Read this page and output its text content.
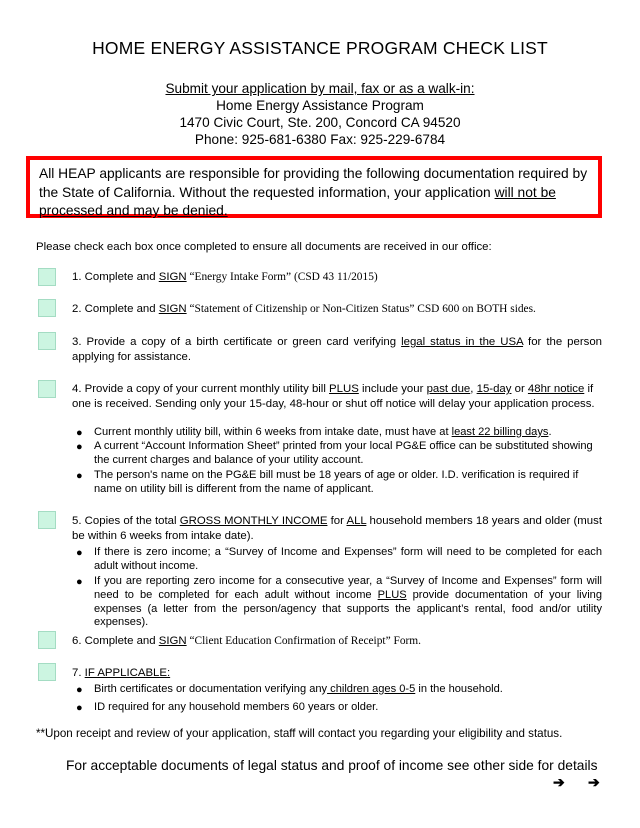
HOME ENERGY ASSISTANCE PROGRAM CHECK LIST
Submit your application by mail, fax or as a walk-in:
Home Energy Assistance Program
1470 Civic Court, Ste. 200, Concord CA 94520
Phone: 925-681-6380 Fax: 925-229-6784
All HEAP applicants are responsible for providing the following documentation required by the State of California. Without the requested information, your application will not be processed and may be denied.
Please check each box once completed to ensure all documents are received in our office:
1. Complete and SIGN “Energy Intake Form” (CSD 43 11/2015)
2. Complete and SIGN “Statement of Citizenship or Non-Citizen Status” CSD 600 on BOTH sides.
3. Provide a copy of a birth certificate or green card verifying legal status in the USA for the person applying for assistance.
4. Provide a copy of your current monthly utility bill PLUS include your past due, 15-day or 48hr notice if one is received. Sending only your 15-day, 48-hour or shut off notice will delay your application process.
● Current monthly utility bill, within 6 weeks from intake date, must have at least 22 billing days.
● A current “Account Information Sheet” printed from your local PG&E office can be substituted showing the current charges and balance of your utility account.
● The person's name on the PG&E bill must be 18 years of age or older. I.D. verification is required if name on utility bill is different from the name of applicant.
5. Copies of the total GROSS MONTHLY INCOME for ALL household members 18 years and older (must be within 6 weeks from intake date).
● If there is zero income; a “Survey of Income and Expenses” form will need to be completed for each adult without income.
● If you are reporting zero income for a consecutive year, a “Survey of Income and Expenses” form will need to be completed for each adult without income PLUS provide documentation of your living expenses (a letter from the person/agency that supports the applicant’s rental, food and/or utility expenses).
6. Complete and SIGN “Client Education Confirmation of Receipt” Form.
7. IF APPLICABLE:
● Birth certificates or documentation verifying any children ages 0-5 in the household.
● ID required for any household members 60 years or older.
**Upon receipt and review of your application, staff will contact you regarding your eligibility and status.
For acceptable documents of legal status and proof of income see other side for details
➔ ➔
